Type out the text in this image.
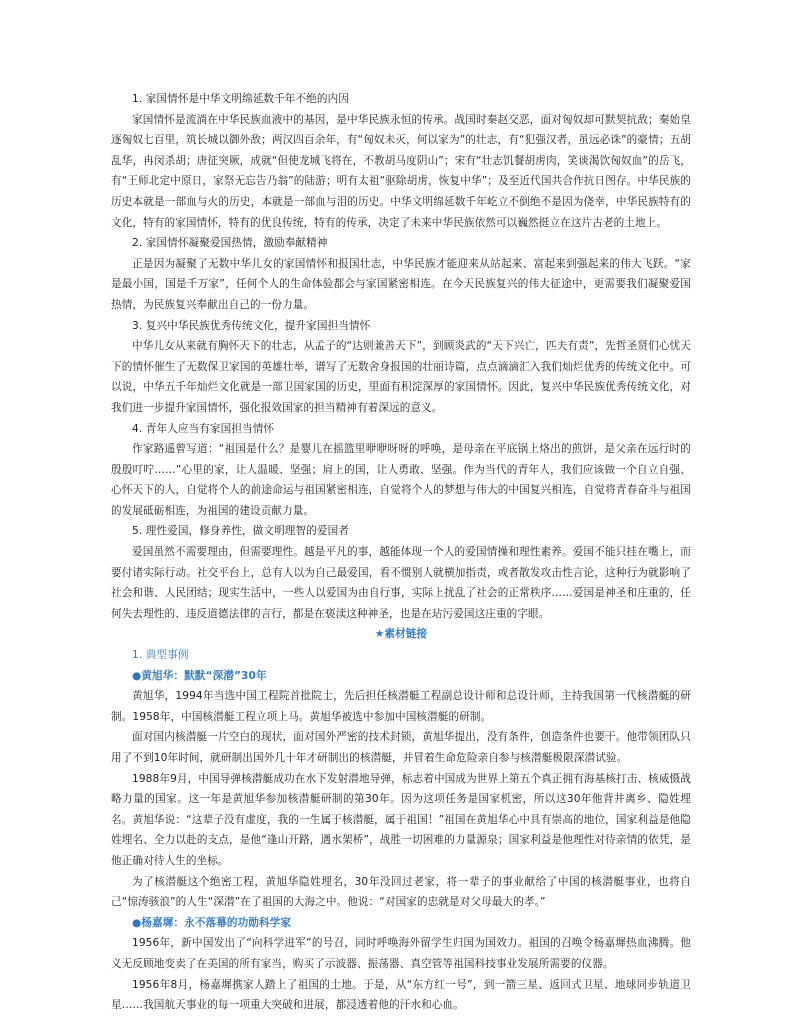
1. 家国情怀是中华文明绵延数千年不绝的内因

家国情怀是流淌在中华民族血液中的基因，是中华民族永恒的传承。战国时秦赵交恶，面对匈奴却可默契抗敌；秦始皇逐匈奴七百里，筑长城以御外敌；两汉四百余年，有“匈奴未灭，何以家为”的壮志，有“犯强汉者，虽远必诛”的豪情；五胡乱华，冉闵杀胡；唐征突厥，成就“但使龙城飞将在，不教胡马度阴山”；宋有“壮志饥餐胡虏肉，笑谈渴饮匈奴血”的岳飞，有“王师北定中原日，家祭无忘告乃翁”的陆游；明有太祖“驱除胡虏，恢复中华”；及至近代国共合作抗日图存。中华民族的历史本就是一部血与火的历史，本就是一部血与泪的历史。中华文明绵延数千年屹立不倒绝不是因为侥幸，中华民族特有的文化，特有的家国情怀，特有的优良传统，特有的传承，决定了未来中华民族依然可以巍然挺立在这片古老的土地上。

2. 家国情怀凝聚爱国热情，激励奉献精神

正是因为凝聚了无数中华儿女的家国情怀和报国壮志，中华民族才能迎来从站起来、富起来到强起来的伟大飞跃。“家是最小国，国是千万家”，任何个人的生命体验都会与家国紧密相连。在今天民族复兴的伟大征途中，更需要我们凝聚爱国热情，为民族复兴奉献出自己的一份力量。

3. 复兴中华民族优秀传统文化，提升家国担当情怀

中华儿女从来就有胸怀天下的壮志，从孟子的“达则兼善天下”，到顾炎武的“天下兴亡，匹夫有责”，先哲圣贤们心忧天下的情怀催生了无数保卫家国的英雄壮举，谱写了无数舍身报国的壮丽诗篇，点点滴滴汇入我们灿烂优秀的传统文化中。可以说，中华五千年灿烂文化就是一部卫国家国的历史，里面有积淀深厚的家国情怀。因此，复兴中华民族优秀传统文化，对我们进一步提升家国情怀，强化报效国家的担当精神有着深远的意义。

4. 青年人应当有家国担当情怀

作家路遥曾写道：“祖国是什么？是婴儿在摇篮里咿咿呀呀的呼唤，是母亲在平底锅上烙出的煎饼，是父亲在远行时的殷殷叮咛……”心里的家，让人温暖、坚强；肩上的国，让人勇敢、坚强。作为当代的青年人，我们应该做一个自立自强、心怀天下的人，自觉将个人的前途命运与祖国紧密相连，自觉将个人的梦想与伟大的中国复兴相连，自觉将青春奋斗与祖国的发展砥砺相连，为祖国的建设贡献力量。

5. 理性爱国，修身养性，做文明理智的爱国者

爱国虽然不需要理由，但需要理性。越是平凡的事，越能体现一个人的爱国情操和理性素养。爱国不能只挂在嘴上，而要付诸实际行动。社交平台上，总有人以为自己最爱国，看不惯别人就横加指责，或者散发攻击性言论，这种行为就影响了社会和谐、人民团结；现实生活中，一些人以爱国为由自行事，实际上扰乱了社会的正常秩序……爱国是神圣和庄重的，任何失去理性的、违反道德法律的言行，都是在亵渎这种神圣，也是在玷污爱国这庄重的字眼。

★素材链接

1. 典型事例

●黄旭华：默默“深潜”30年

黄旭华，1994年当选中国工程院首批院士，先后担任核潜艇工程副总设计师和总设计师，主持我国第一代核潜艇的研制。1958年，中国核潜艇工程立项上马。黄旭华被选中参加中国核潜艇的研制。

面对国内核潜艇一片空白的现状，面对国外严密的技术封锁，黄旭华提出，没有条件，创造条件也要干。他带领团队只用了不到10年时间，就研制出国外几十年才研制出的核潜艇，并冒着生命危险亲自参与核潜艇极限深潜试验。

1988年9月，中国导弹核潜艇成功在水下发射潜地导弹，标志着中国成为世界上第五个真正拥有海基核打击、核威慑战略力量的国家。这一年是黄旭华参加核潜艇研制的第30年。因为这项任务是国家机密，所以这30年他背井离乡、隐姓埋名。黄旭华说：“这辈子没有虚度，我的一生属于核潜艇，属于祖国！”祖国在黄旭华心中具有崇高的地位，国家利益是他隐姓埋名、全力以赴的支点，是他“逢山开路，遇水架桥”，战胜一切困难的力量源泉；国家利益是他理性对待亲情的依凭，是他正确对待人生的坐标。

为了核潜艇这个绝密工程，黄旭华隐姓埋名，30年没回过老家，将一辈子的事业献给了中国的核潜艇事业，也将自己“惊涛骇浪”的人生“深潜”在了祖国的大海之中。他说：“对国家的忠就是对父母最大的孝。”

●杨嘉墀：永不落幕的功勋科学家

1956年，新中国发出了“向科学进军”的号召，同时呼唤海外留学生归国为国效力。祖国的召唤令杨嘉墀热血沸腾。他义无反顾地变卖了在美国的所有家当，购买了示波器、振荡器、真空管等祖国科技事业发展所需要的仪器。

1956年8月，杨嘉墀携家人踏上了祖国的土地。于是，从“东方红一号”，到一箭三星、返回式卫星、地球同步轨道卫星……我国航天事业的每一项重大突破和进展，都浸透着他的汗水和心血。
